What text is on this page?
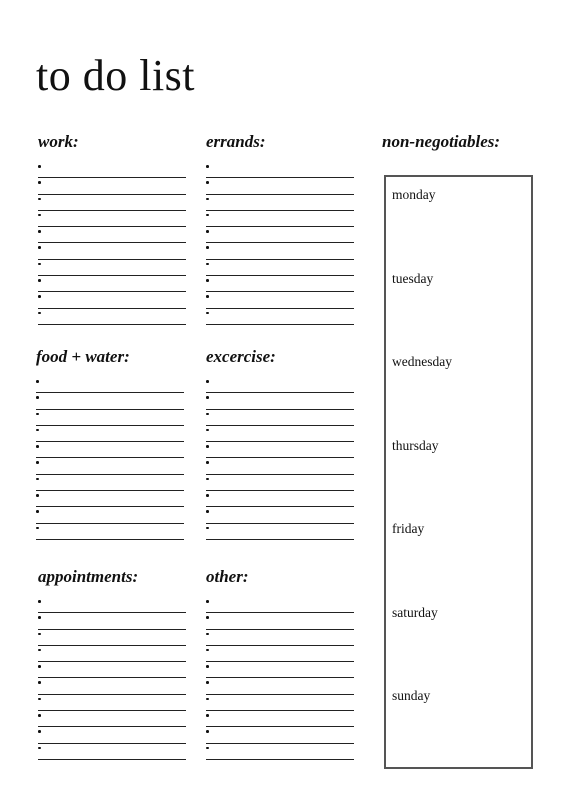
to do list

work:	errands:

food + water:	excercise:

appointments:	other:

non-negotiables:

monday
tuesday
wednesday
thursday
friday
saturday
sunday
